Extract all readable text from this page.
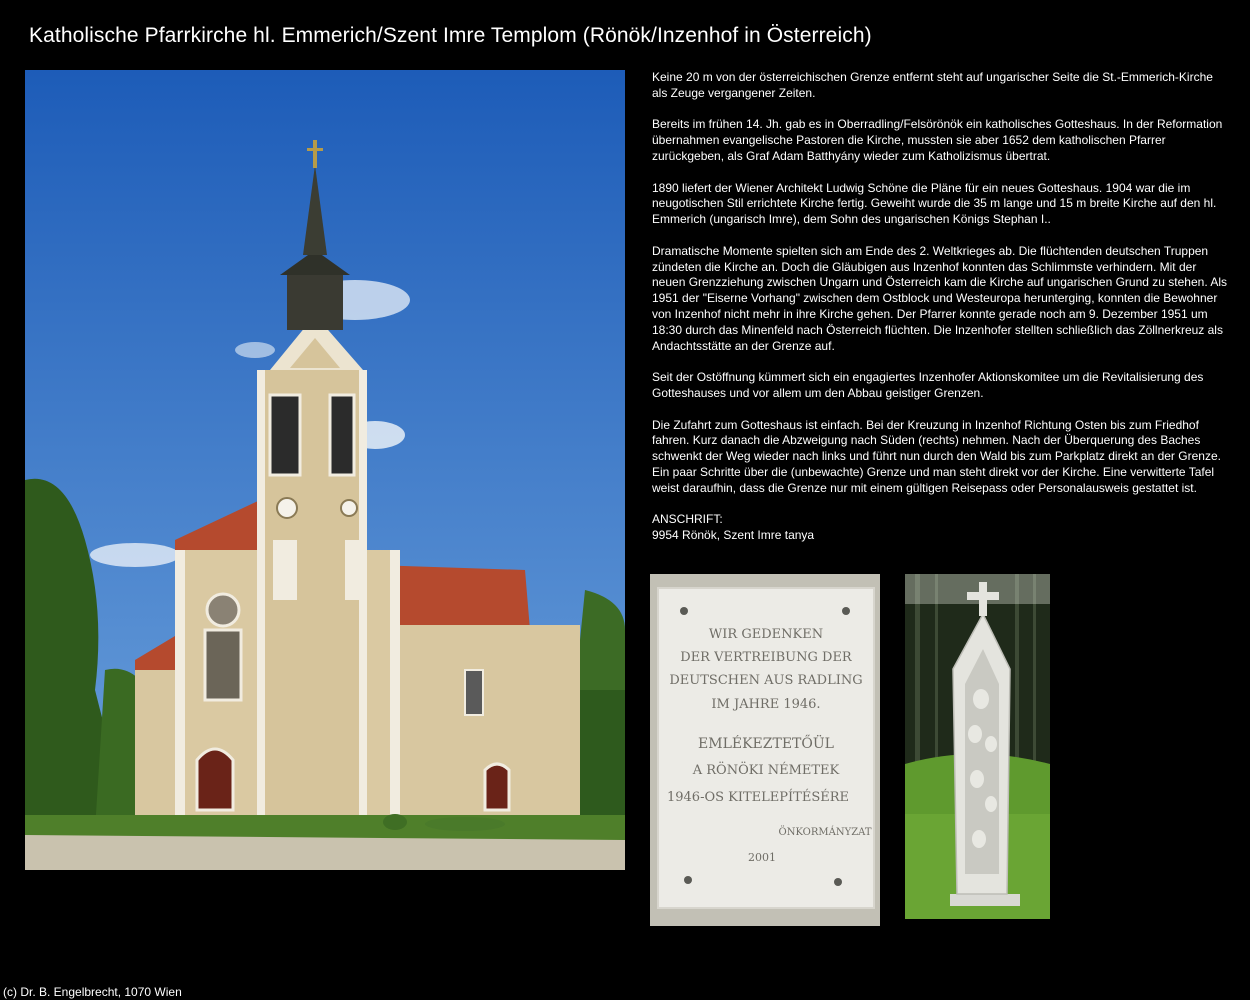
Katholische Pfarrkirche hl. Emmerich/Szent Imre Templom (Rönök/Inzenhof in Österreich)

Keine 20 m von der österreichischen Grenze entfernt steht auf ungarischer Seite die St.-Emmerich-Kirche als Zeuge vergangener Zeiten.

Bereits im frühen 14. Jh. gab es in Oberradling/Felsörönök ein katholisches Gotteshaus. In der Reformation übernahmen evangelische Pastoren die Kirche, mussten sie aber 1652 dem katholischen Pfarrer zurückgeben, als Graf Adam Batthyány wieder zum Katholizismus übertrat.

1890 liefert der Wiener Architekt Ludwig Schöne die Pläne für ein neues Gotteshaus. 1904 war die im neugotischen Stil errichtete Kirche fertig. Geweiht wurde die 35 m lange und 15 m breite Kirche auf den hl. Emmerich (ungarisch Imre), dem Sohn des ungarischen Königs Stephan I..

Dramatische Momente spielten sich am Ende des 2. Weltkrieges ab. Die flüchtenden deutschen Truppen zündeten die Kirche an. Doch die Gläubigen aus Inzenhof konnten das Schlimmste verhindern. Mit der neuen Grenzziehung zwischen Ungarn und Österreich kam die Kirche auf ungarischen Grund zu stehen. Als 1951 der "Eiserne Vorhang" zwischen dem Ostblock und Westeuropa herunterging, konnten die Bewohner von Inzenhof nicht mehr in ihre Kirche gehen. Der Pfarrer konnte gerade noch am 9. Dezember 1951 um 18:30 durch das Minenfeld nach Österreich flüchten. Die Inzenhofer stellten schließlich das Zöllnerkreuz als Andachtsstätte an der Grenze auf.

Seit der Ostöffnung kümmert sich ein engagiertes Inzenhofer Aktionskomitee um die Revitalisierung des Gotteshauses und vor allem um den Abbau geistiger Grenzen.

Die Zufahrt zum Gotteshaus ist einfach. Bei der Kreuzung in Inzenhof Richtung Osten bis zum Friedhof fahren. Kurz danach die Abzweigung nach Süden (rechts) nehmen. Nach der Überquerung des Baches schwenkt der Weg wieder nach links und führt nun durch den Wald bis zum Parkplatz direkt an der Grenze. Ein paar Schritte über die (unbewachte) Grenze und man steht direkt vor der Kirche. Eine verwitterte Tafel weist daraufhin, dass die Grenze nur mit einem gültigen Reisepass oder Personalausweis gestattet ist.

ANSCHRIFT:
9954 Rönök, Szent Imre tanya
WIR GEDENKEN
DER VERTREIBUNG DER
DEUTSCHEN AUS RADLING
IM JAHRE 1946.
EMLÉKEZTETŐÜL
A RÖNÖKI NÉMETEK
1946-OS KITELEPÍTÉSÉRE
ÖNKORMÁNYZAT
2001
(c) Dr. B. Engelbrecht, 1070 Wien
